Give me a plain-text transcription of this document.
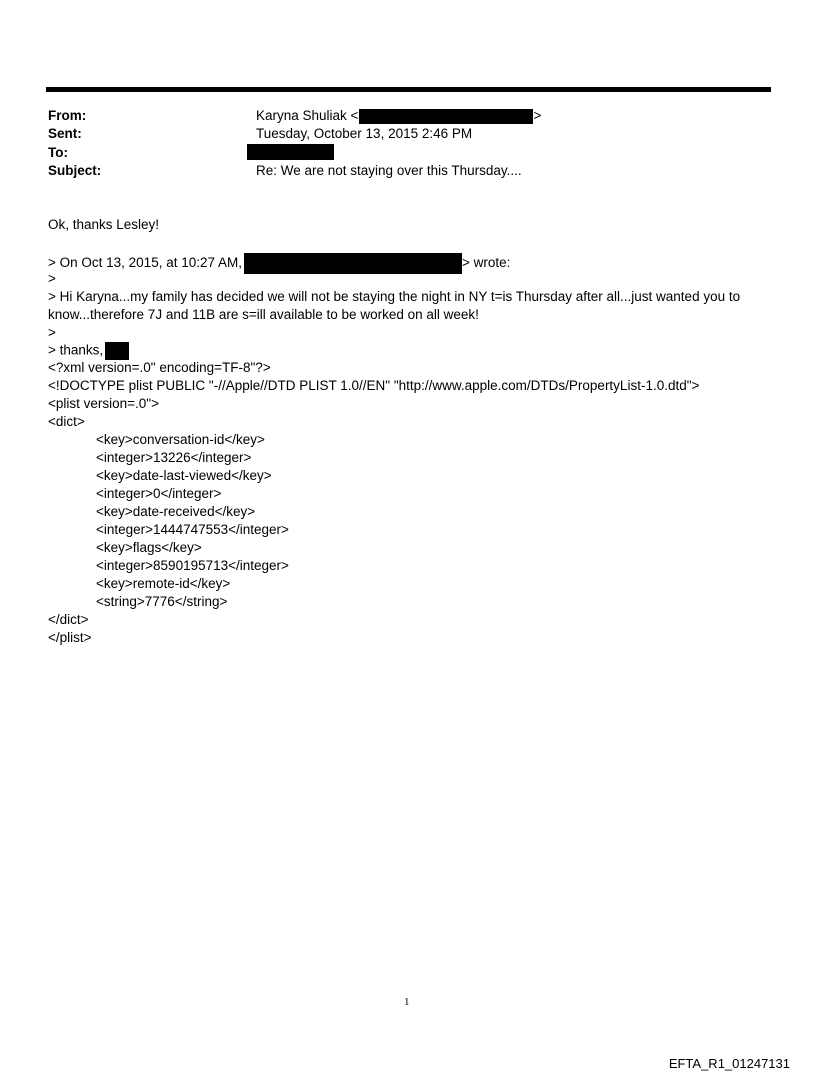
From:	Karyna Shuliak <	>
Sent:	Tuesday, October 13, 2015 2:46 PM
To:
Subject:	Re: We are not staying over this Thursday....
Ok, thanks Lesley!
> On Oct 13, 2015, at 10:27 AM,	> wrote:
>
> Hi Karyna...my family has decided we will not be staying the night in NY t=is Thursday after all...just wanted you to
know...therefore 7J and 11B are s=ill available to be worked on all week!
>
> thanks,
<?xml version=.0" encoding=TF-8"?>
<!DOCTYPE plist PUBLIC "-//Apple//DTD PLIST 1.0//EN" "http://www.apple.com/DTDs/PropertyList-1.0.dtd">
<plist version=.0">
<dict>
<key>conversation-id</key>
<integer>13226</integer>
<key>date-last-viewed</key>
<integer>0</integer>
<key>date-received</key>
<integer>1444747553</integer>
<key>flags</key>
<integer>8590195713</integer>
<key>remote-id</key>
<string>7776</string>
</dict>
</plist>
1
EFTA_R1_01247131
